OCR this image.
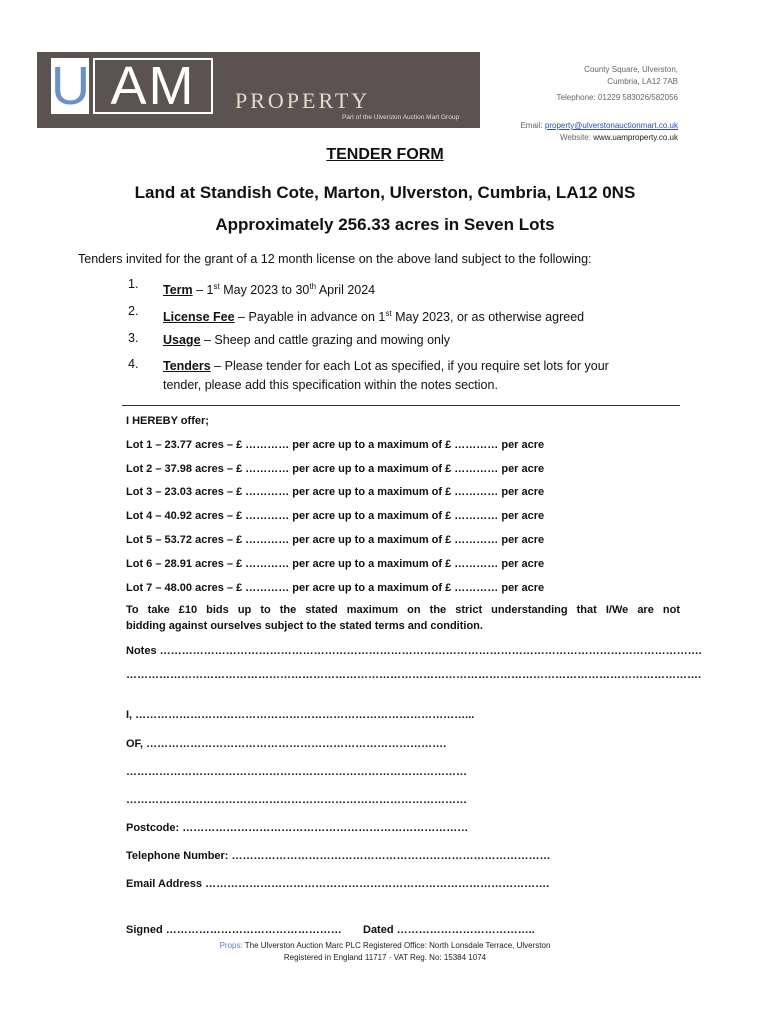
U AM	PROPERTY
Part of the Ulverston Auction Mart Group
County Square, Ulverston,
Cumbria, LA12 7AB
Telephone: 01229 583026/582056
Email: property@ulverstonauctionmart.co.uk
Website: www.uamproperty.co.uk
TENDER FORM
Land at Standish Cote, Marton, Ulverston, Cumbria, LA12 0NS
Approximately 256.33 acres in Seven Lots
Tenders invited for the grant of a 12 month license on the above land subject to the following:
1. Term – 1st May 2023 to 30th April 2024
2. License Fee – Payable in advance on 1st May 2023, or as otherwise agreed
3. Usage – Sheep and cattle grazing and mowing only
4. Tenders – Please tender for each Lot as specified, if you require set lots for your
tender, please add this specification within the notes section.
I HEREBY offer;
Lot 1 – 23.77 acres – £ ………… per acre up to a maximum of £ ………… per acre
Lot 2 – 37.98 acres – £ ………… per acre up to a maximum of £ ………… per acre
Lot 3 – 23.03 acres – £ ………… per acre up to a maximum of £ ………… per acre
Lot 4 – 40.92 acres – £ ………… per acre up to a maximum of £ ………… per acre
Lot 5 – 53.72 acres – £ ………… per acre up to a maximum of £ ………… per acre
Lot 6 – 28.91 acres – £ ………… per acre up to a maximum of £ ………… per acre
Lot 7 – 48.00 acres – £ ………… per acre up to a maximum of £ ………… per acre
To take £10 bids up to the stated maximum on the strict understanding that I/We are not
bidding against ourselves subject to the stated terms and condition.
Notes ………………………………………………………………………………………………………………………………….
………………………………………………………………………………………………………………………………………….
I, ………………………………………………………………………………...
OF, ……………………………………………………………………….
…………………………………………………………………………………
…………………………………………………………………………………
Postcode: ……………………………………………………………………
Telephone Number: ……………………………………………………………………………
Email Address ………………………………………………………………………………….
Signed ………………………………………… Dated ………………………………..
Props: The Ulverston Auction Marc PLC Registered Office: North Lonsdale Terrace, Ulverston
Registered in England 11717 · VAT Reg. No: 15384 1074
